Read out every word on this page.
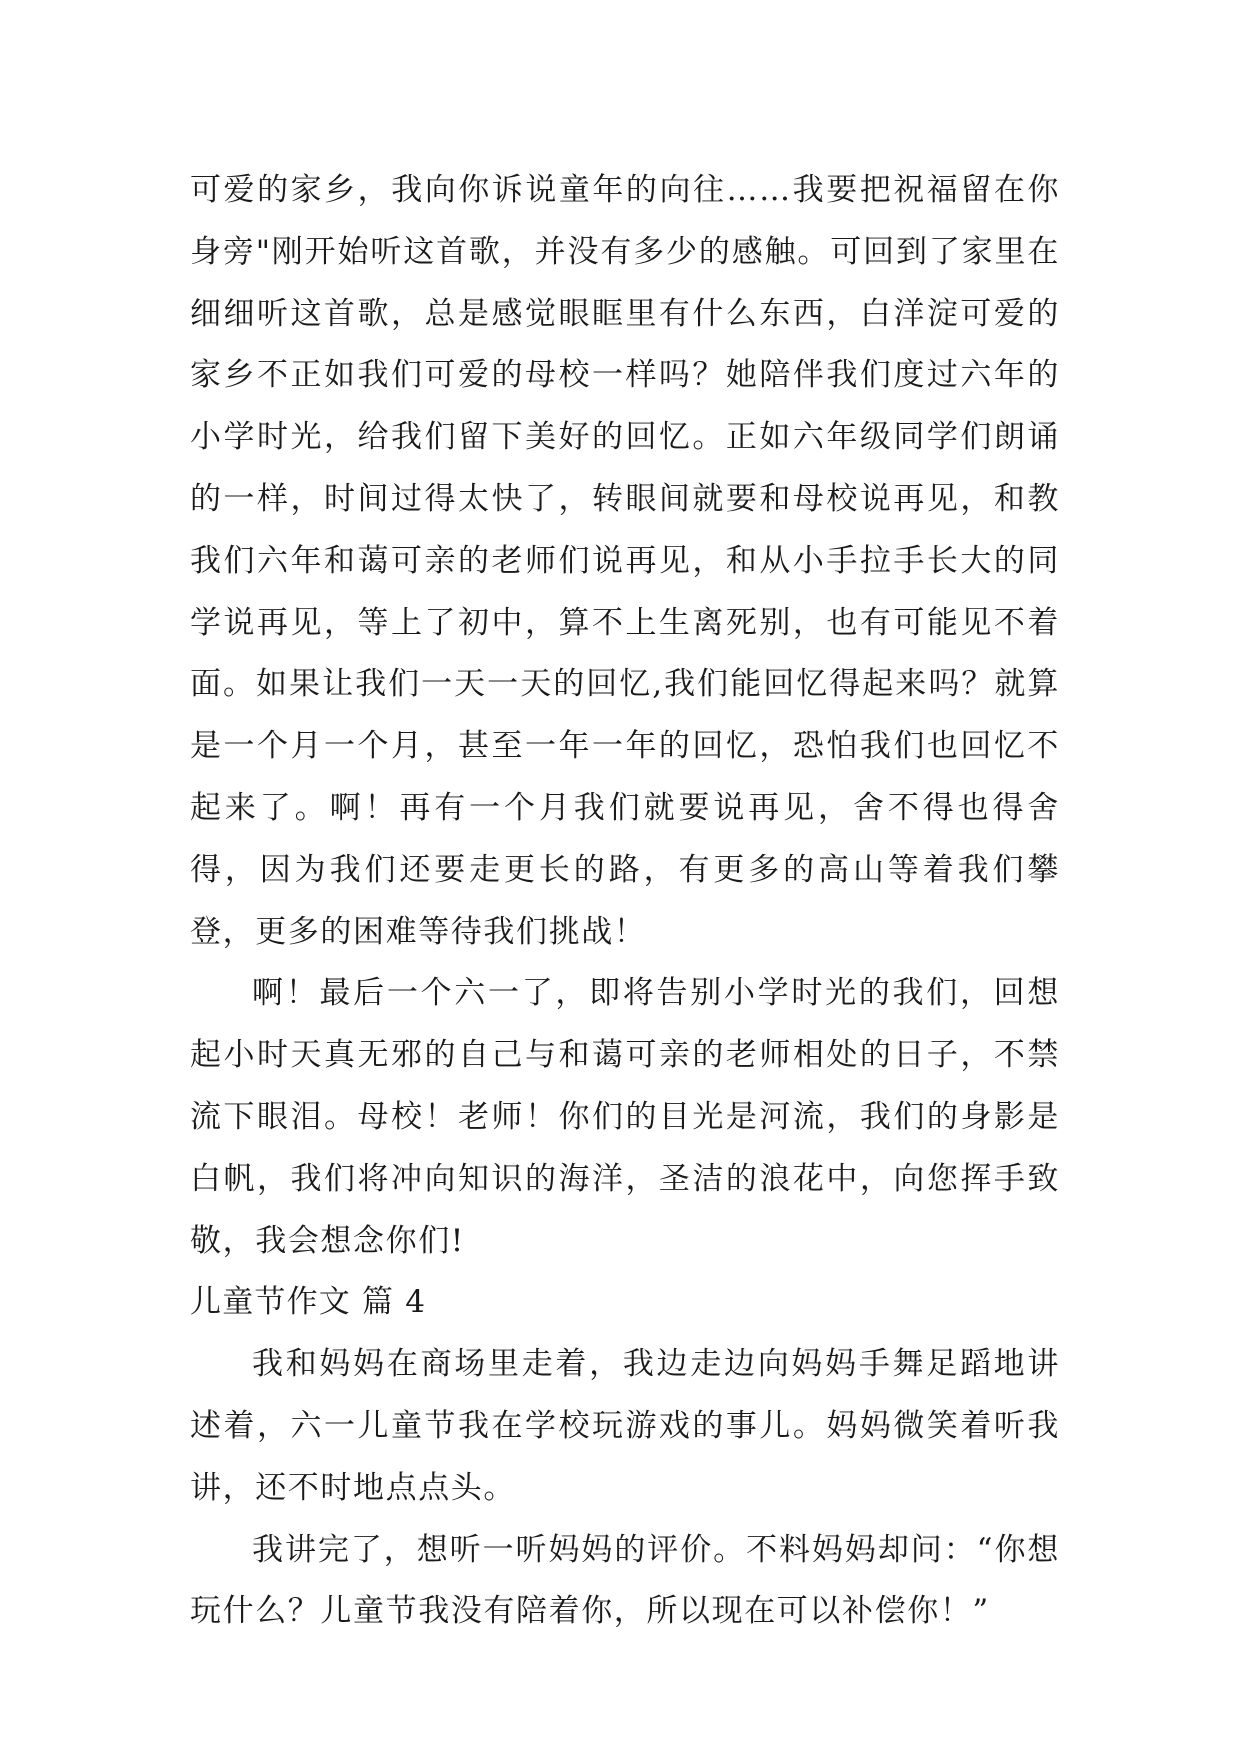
可爱的家乡，我向你诉说童年的向往……我要把祝福留在你身旁"刚开始听这首歌，并没有多少的感触。可回到了家里在细细听这首歌，总是感觉眼眶里有什么东西，白洋淀可爱的家乡不正如我们可爱的母校一样吗？她陪伴我们度过六年的小学时光，给我们留下美好的回忆。正如六年级同学们朗诵的一样，时间过得太快了，转眼间就要和母校说再见，和教我们六年和蔼可亲的老师们说再见，和从小手拉手长大的同学说再见，等上了初中，算不上生离死别，也有可能见不着面。如果让我们一天一天的回忆,我们能回忆得起来吗？就算是一个月一个月，甚至一年一年的回忆，恐怕我们也回忆不起来了。啊！再有一个月我们就要说再见，舍不得也得舍得，因为我们还要走更长的路，有更多的高山等着我们攀登，更多的困难等待我们挑战！

啊！最后一个六一了，即将告别小学时光的我们，回想起小时天真无邪的自己与和蔼可亲的老师相处的日子，不禁流下眼泪。母校！老师！你们的目光是河流，我们的身影是白帆，我们将冲向知识的海洋，圣洁的浪花中，向您挥手致敬，我会想念你们!

儿童节作文 篇 4

我和妈妈在商场里走着，我边走边向妈妈手舞足蹈地讲述着，六一儿童节我在学校玩游戏的事儿。妈妈微笑着听我讲，还不时地点点头。

我讲完了，想听一听妈妈的评价。不料妈妈却问：“你想玩什么？儿童节我没有陪着你，所以现在可以补偿你！”
